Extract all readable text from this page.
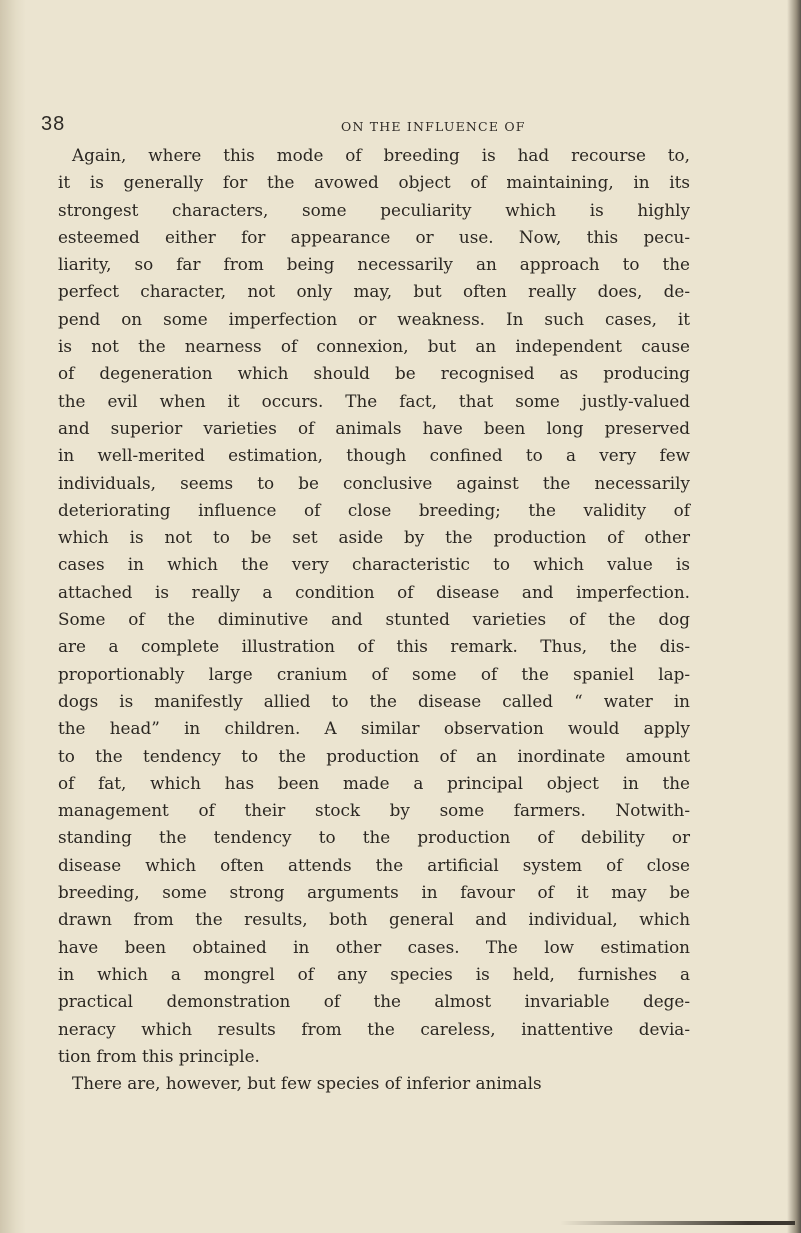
38	ON THE INFLUENCE OF
Again, where this mode of breeding is had recourse to,
it is generally for the avowed object of maintaining, in its
strongest characters, some peculiarity which is highly
esteemed either for appearance or use. Now, this pecu-
liarity, so far from being necessarily an approach to the
perfect character, not only may, but often really does, de-
pend on some imperfection or weakness. In such cases, it
is not the nearness of connexion, but an independent cause
of degeneration which should be recognised as producing
the evil when it occurs. The fact, that some justly-valued
and superior varieties of animals have been long preserved
in well-merited estimation, though confined to a very few
individuals, seems to be conclusive against the necessarily
deteriorating influence of close breeding; the validity of
which is not to be set aside by the production of other
cases in which the very characteristic to which value is
attached is really a condition of disease and imperfection.
Some of the diminutive and stunted varieties of the dog
are a complete illustration of this remark. Thus, the dis-
proportionably large cranium of some of the spaniel lap-
dogs is manifestly allied to the disease called “ water in
the head” in children. A similar observation would apply
to the tendency to the production of an inordinate amount
of fat, which has been made a principal object in the
management of their stock by some farmers. Notwith-
standing the tendency to the production of debility or
disease which often attends the artificial system of close
breeding, some strong arguments in favour of it may be
drawn from the results, both general and individual, which
have been obtained in other cases. The low estimation
in which a mongrel of any species is held, furnishes a
practical demonstration of the almost invariable dege-
neracy which results from the careless, inattentive devia-
tion from this principle.
There are, however, but few species of inferior animals
